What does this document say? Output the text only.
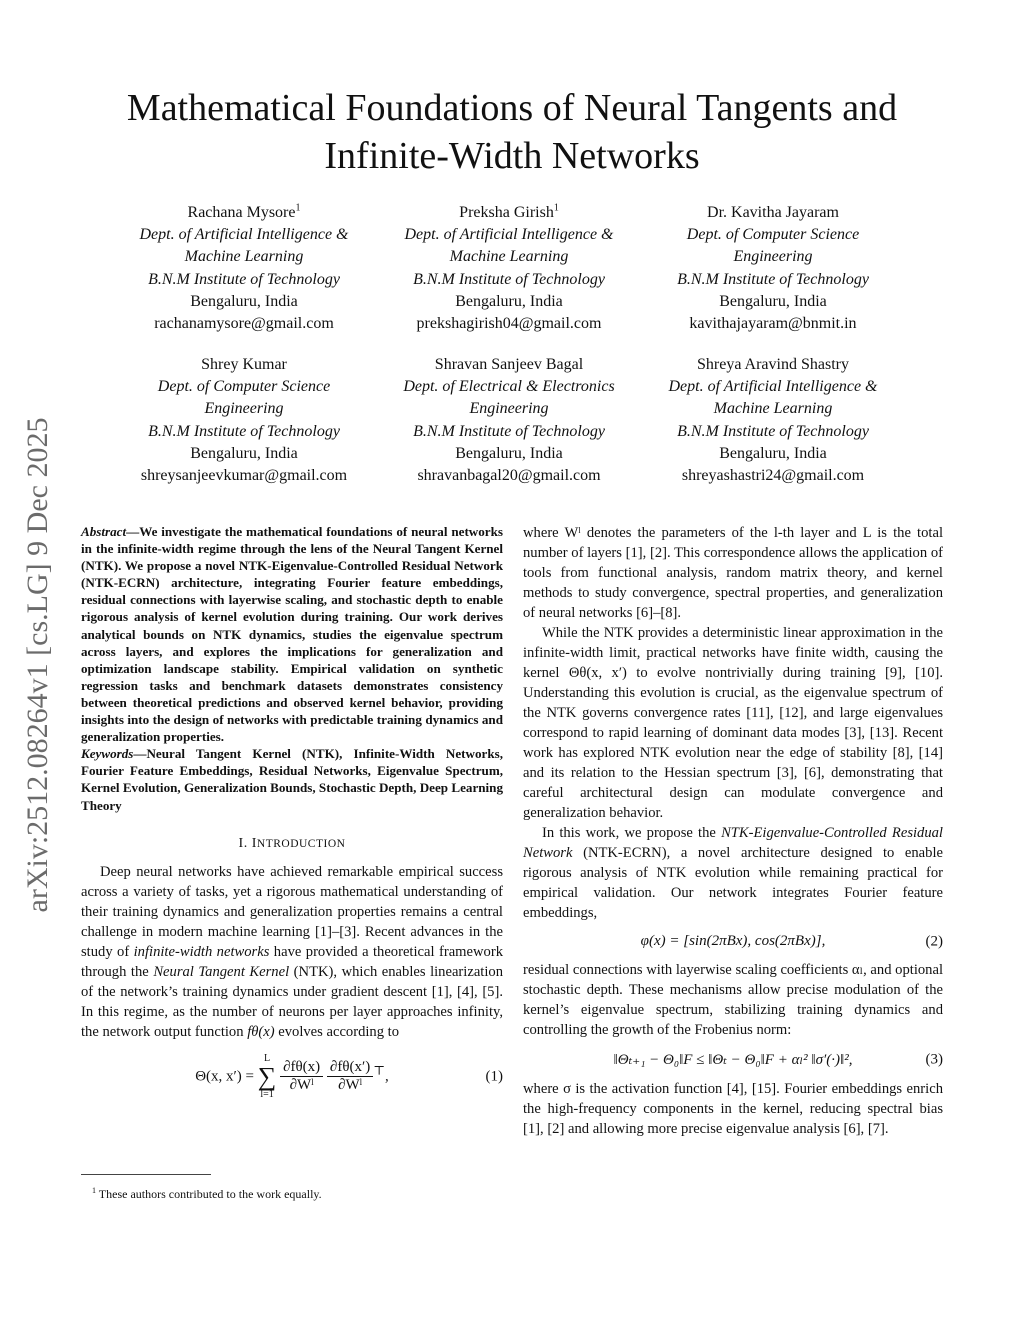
arXiv:2512.08264v1 [cs.LG] 9 Dec 2025
Mathematical Foundations of Neural Tangents and
Infinite-Width Networks
Rachana Mysore$^1$
Dept. of Artificial Intelligence &
Machine Learning
B.N.M Institute of Technology
Bengaluru, India
rachanamysore@gmail.com
Preksha Girish$^1$
Dept. of Artificial Intelligence &
Machine Learning
B.N.M Institute of Technology
Bengaluru, India
prekshagirish04@gmail.com
Dr. Kavitha Jayaram
Dept. of Computer Science
Engineering
B.N.M Institute of Technology
Bengaluru, India
kavithajayaram@bnmit.in
Shrey Kumar
Dept. of Computer Science
Engineering
B.N.M Institute of Technology
Bengaluru, India
shreysanjeevkumar@gmail.com
Shravan Sanjeev Bagal
Dept. of Electrical & Electronics
Engineering
B.N.M Institute of Technology
Bengaluru, India
shravanbagal20@gmail.com
Shreya Aravind Shastry
Dept. of Artificial Intelligence &
Machine Learning
B.N.M Institute of Technology
Bengaluru, India
shreyashastri24@gmail.com
Abstract—We investigate the mathematical foundations of neural networks in the infinite-width regime through the lens of the Neural Tangent Kernel (NTK). We propose a novel NTK-Eigenvalue-Controlled Residual Network (NTK-ECRN) architecture, integrating Fourier feature embeddings, residual connections with layerwise scaling, and stochastic depth to enable rigorous analysis of kernel evolution during training. Our work derives analytical bounds on NTK dynamics, studies the eigenvalue spectrum across layers, and explores the implications for generalization and optimization landscape stability. Empirical validation on synthetic regression tasks and benchmark datasets demonstrates consistency between theoretical predictions and observed kernel behavior, providing insights into the design of networks with predictable training dynamics and generalization properties.
Keywords—Neural Tangent Kernel (NTK), Infinite-Width Networks, Fourier Feature Embeddings, Residual Networks, Eigenvalue Spectrum, Kernel Evolution, Generalization Bounds, Stochastic Depth, Deep Learning Theory
I. INTRODUCTION

Deep neural networks have achieved remarkable empirical success across a variety of tasks, yet a rigorous mathematical understanding of their training dynamics and generalization properties remains a central challenge in modern machine learning [1]–[3]. Recent advances in the study of infinite-width networks have provided a theoretical framework through the Neural Tangent Kernel (NTK), which enables linearization of the network’s training dynamics under gradient descent [1], [4], [5]. In this regime, as the number of neurons per layer approaches infinity, the network output function fθ(x) evolves according to

Θ(x, x′) =
L
∑
l=1
$\frac{\partial f\theta(x)}{\text{∂Wˡ}}$
$\frac{\partial f\theta(x')}{\text{∂Wˡ}} ^⊤$,	(1)
$^1$ These authors contributed to the work equally.

where Wˡ denotes the parameters of the l-th layer and L is the total number of layers [1], [2]. This correspondence allows the application of tools from functional analysis, random matrix theory, and kernel methods to study convergence, spectral properties, and generalization of neural networks [6]–[8].

While the NTK provides a deterministic linear approximation in the infinite-width limit, practical networks have finite width, causing the kernel Θθ(x, x′) to evolve nontrivially during training [9], [10]. Understanding this evolution is crucial, as the eigenvalue spectrum of the NTK governs convergence rates [11], [12], and large eigenvalues correspond to rapid learning of dominant data modes [3], [13]. Recent work has explored NTK evolution near the edge of stability [8], [14] and its relation to the Hessian spectrum [3], [6], demonstrating that careful architectural design can modulate convergence and generalization behavior.

In this work, we propose the NTK-Eigenvalue-Controlled Residual Network (NTK-ECRN), a novel architecture designed to enable rigorous analysis of NTK evolution while remaining practical for empirical validation. Our network integrates Fourier feature embeddings,

φ(x) = [sin(2πBx), cos(2πBx)],	(2)

residual connections with layerwise scaling coefficients αₗ, and optional stochastic depth. These mechanisms allow precise modulation of the kernel’s eigenvalue spectrum, stabilizing training dynamics and controlling the growth of the Frobenius norm:

‖Θₜ₊₁ − Θ₀‖F ≤ ‖Θₜ − Θ₀‖F + αₗ² ‖σ′(·)‖²,	(3)

where σ is the activation function [4], [15]. Fourier embeddings enrich the high-frequency components in the kernel, reducing spectral bias [1], [2] and allowing more precise eigenvalue analysis [6], [7].
